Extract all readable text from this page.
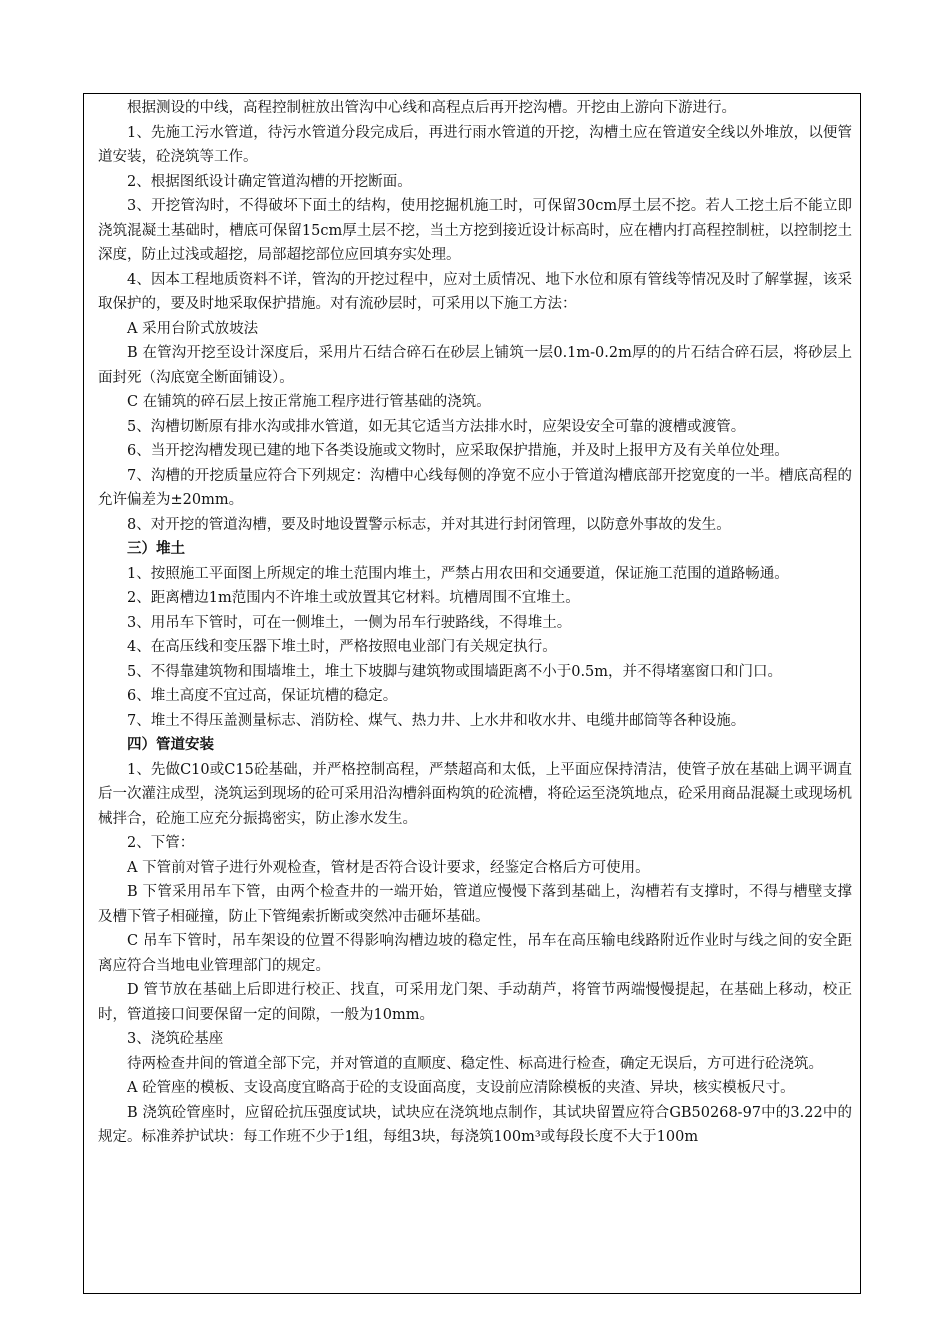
根据测设的中线，高程控制桩放出管沟中心线和高程点后再开挖沟槽。开挖由上游向下游进行。

1、先施工污水管道，待污水管道分段完成后，再进行雨水管道的开挖，沟槽土应在管道安全线以外堆放，以便管道安装，砼浇筑等工作。

2、根据图纸设计确定管道沟槽的开挖断面。

3、开挖管沟时，不得破坏下面土的结构，使用挖掘机施工时，可保留30cm厚土层不挖。若人工挖土后不能立即浇筑混凝土基础时，槽底可保留15cm厚土层不挖，当土方挖到接近设计标高时，应在槽内打高程控制桩，以控制挖土深度，防止过浅或超挖，局部超挖部位应回填夯实处理。

4、因本工程地质资料不详，管沟的开挖过程中，应对土质情况、地下水位和原有管线等情况及时了解掌握，该采取保护的，要及时地采取保护措施。对有流砂层时，可采用以下施工方法：

A 采用台阶式放坡法

B 在管沟开挖至设计深度后，采用片石结合碎石在砂层上铺筑一层0.1m-0.2m厚的的片石结合碎石层，将砂层上面封死（沟底宽全断面铺设）。

C 在铺筑的碎石层上按正常施工程序进行管基础的浇筑。

5、沟槽切断原有排水沟或排水管道，如无其它适当方法排水时，应架设安全可靠的渡槽或渡管。

6、当开挖沟槽发现已建的地下各类设施或文物时，应采取保护措施，并及时上报甲方及有关单位处理。

7、沟槽的开挖质量应符合下列规定：沟槽中心线每侧的净宽不应小于管道沟槽底部开挖宽度的一半。槽底高程的允许偏差为±20mm。

8、对开挖的管道沟槽，要及时地设置警示标志，并对其进行封闭管理，以防意外事故的发生。

三）堆土

1、按照施工平面图上所规定的堆土范围内堆土，严禁占用农田和交通要道，保证施工范围的道路畅通。

2、距离槽边1m范围内不许堆土或放置其它材料。坑槽周围不宜堆土。

3、用吊车下管时，可在一侧堆土，一侧为吊车行驶路线，不得堆土。

4、在高压线和变压器下堆土时，严格按照电业部门有关规定执行。

5、不得靠建筑物和围墙堆土，堆土下坡脚与建筑物或围墙距离不小于0.5m，并不得堵塞窗口和门口。

6、堆土高度不宜过高，保证坑槽的稳定。

7、堆土不得压盖测量标志、消防栓、煤气、热力井、上水井和收水井、电缆井邮筒等各种设施。

四）管道安装

1、先做C10或C15砼基础，并严格控制高程，严禁超高和太低，上平面应保持清洁，使管子放在基础上调平调直后一次灌注成型，浇筑运到现场的砼可采用沿沟槽斜面构筑的砼流槽，将砼运至浇筑地点，砼采用商品混凝土或现场机械拌合，砼施工应充分振捣密实，防止渗水发生。

2、下管：

A 下管前对管子进行外观检查，管材是否符合设计要求，经鉴定合格后方可使用。

B 下管采用吊车下管，由两个检查井的一端开始，管道应慢慢下落到基础上，沟槽若有支撑时，不得与槽壁支撑及槽下管子相碰撞，防止下管绳索折断或突然冲击砸坏基础。

C 吊车下管时，吊车架设的位置不得影响沟槽边坡的稳定性，吊车在高压输电线路附近作业时与线之间的安全距离应符合当地电业管理部门的规定。

D 管节放在基础上后即进行校正、找直，可采用龙门架、手动葫芦，将管节两端慢慢提起，在基础上移动，校正时，管道接口间要保留一定的间隙，一般为10mm。

3、浇筑砼基座

待两检查井间的管道全部下完，并对管道的直顺度、稳定性、标高进行检查，确定无误后，方可进行砼浇筑。

A 砼管座的模板、支设高度宜略高于砼的支设面高度，支设前应清除模板的夹渣、异块，核实模板尺寸。

B 浇筑砼管座时，应留砼抗压强度试块，试块应在浇筑地点制作，其试块留置应符合GB50268-97中的3.22中的规定。标准养护试块：每工作班不少于1组，每组3块，每浇筑100m³或每段长度不大于100m
